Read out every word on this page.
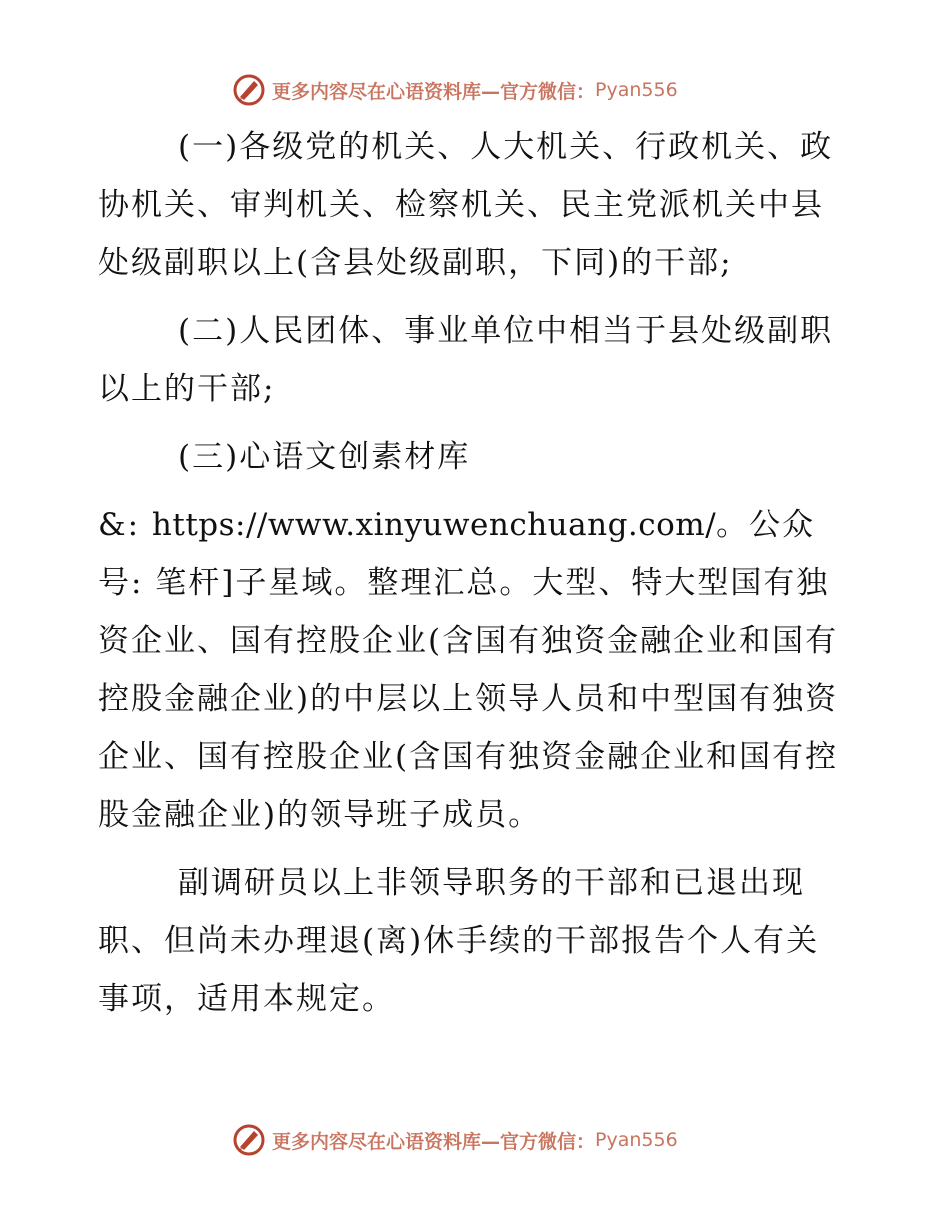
更多内容尽在心语资料库—官方微信： Pyan556

(一)各级党的机关、人大机关、行政机关、政协机关、审判机关、检察机关、民主党派机关中县处级副职以上(含县处级副职，下同)的干部;

(二)人民团体、事业单位中相当于县处级副职以上的干部;

(三)心语文创素材库

&: https://www.xinyuwenchuang.com/。公众号: 笔杆]子星域。整理汇总。大型、特大型国有独资企业、国有控股企业(含国有独资金融企业和国有控股金融企业)的中层以上领导人员和中型国有独资企业、国有控股企业(含国有独资金融企业和国有控股金融企业)的领导班子成员。

副调研员以上非领导职务的干部和已退出现职、但尚未办理退(离)休手续的干部报告个人有关事项，适用本规定。

更多内容尽在心语资料库—官方微信： Pyan556
